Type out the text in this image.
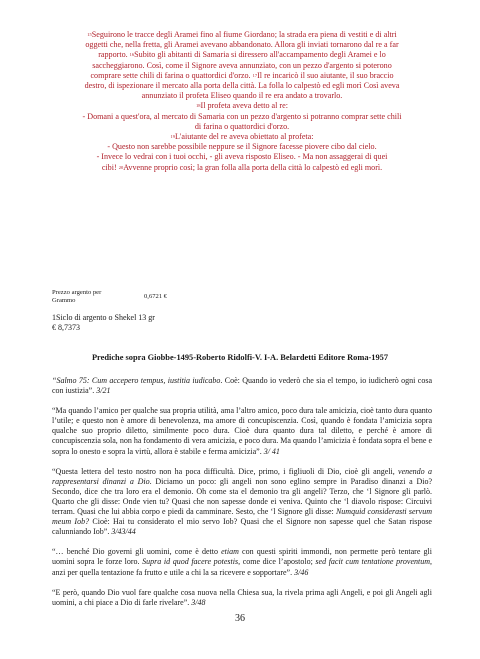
15Seguirono le tracce degli Aramei fino al fiume Giordano; la strada era piena di vestiti e di altri

oggetti che, nella fretta, gli Aramei avevano abbandonato. Allora gli inviati tornarono dal re a far

rapporto. 16Subito gli abitanti di Samaria si diressero all'accampamento degli Aramei e lo

saccheggiarono. Così, come il Signore aveva annunziato, con un pezzo d'argento si poterono

comprare sette chili di farina o quattordici d'orzo. 17Il re incaricò il suo aiutante, il suo braccio

destro, di ispezionare il mercato alla porta della città. La folla lo calpestò ed egli morì Così aveva

annunziato il profeta Eliseo quando il re era andato a trovarlo.

18Il profeta aveva detto al re:

- Domani a quest'ora, al mercato di Samaria con un pezzo d'argento si potranno comprar sette chili

di farina o quattordici d'orzo.

19L'aiutante del re aveva obiettato al profeta:

- Questo non sarebbe possibile neppure se il Signore facesse piovere cibo dal cielo.

- Invece lo vedrai con i tuoi occhi, - gli aveva risposto Eliseo. - Ma non assaggerai di quei

cibi! 20Avvenne proprio così; la gran folla alla porta della città lo calpestò ed egli morì.

Prezzo argento per
Grammo
	0,6721 €
1Siclo di argento o Shekel 13 gr
€ 8,7373
Prediche sopra Giobbe-1495-Roberto Ridolfi-V. I-A. Belardetti Editore Roma-1957

“Salmo 75: Cum accepero tempus, iustitia iudicabo. Coè: Quando io vederò che sia el tempo, io iudicherò ogni cosa con iustizia”. 3/21

“Ma quando l’amico per qualche sua propria utilità, ama l’altro amico, poco dura tale amicizia, cioè tanto dura quanto l’utile; e questo non è amore di benevolenza, ma amore di concupiscenzia. Così, quando è fondata l’amicizia sopra qualche suo proprio diletto, similmente poco dura. Cioè dura quanto dura tal diletto, e perché è amore di concupiscenzia sola, non ha fondamento di vera amicizia, e poco dura. Ma quando l’amicizia è fondata sopra el bene e sopra lo onesto e sopra la virtù, allora è stabile e ferma amicizia”. 3/ 41

“Questa lettera del testo nostro non ha poca difficultà. Dice, primo, i figliuoli di Dio, cioè gli angeli, venendo a rappresentarsi dinanzi a Dio. Diciamo un poco: gli angeli non sono eglino sempre in Paradiso dinanzi a Dio? Secondo, dice che tra loro era el demonio. Oh come sta el demonio tra gli angeli? Terzo, che ‘l Signore gli parlò. Quarto che gli disse: Onde vien tu? Quasi che non sapesse donde ei veniva. Quinto che ‘l diavolo rispose: Circuivi terram. Quasi che lui abbia corpo e piedi da camminare. Sesto, che ‘l Signore gli disse: Numquid considerasti servum meum Iob? Cioè: Hai tu considerato el mio servo Iob? Quasi che el Signore non sapesse quel che Satan rispose calunniando Iob”. 3/43/44

“… benché Dio governi gli uomini, come è detto etiam con questi spiriti immondi, non permette però tentare gli uomini sopra le forze loro. Supra id quod facere potestis, come dice l’apostolo; sed facit cum tentatione proventum, anzi per quella tentazione fa frutto e utile a chi la sa ricevere e sopportare”. 3/46

“E però, quando Dio vuol fare qualche cosa nuova nella Chiesa sua, la rivela prima agli Angeli, e poi gli Angeli agli uomini, a chi piace a Dio di farle rivelare”. 3/48

36
